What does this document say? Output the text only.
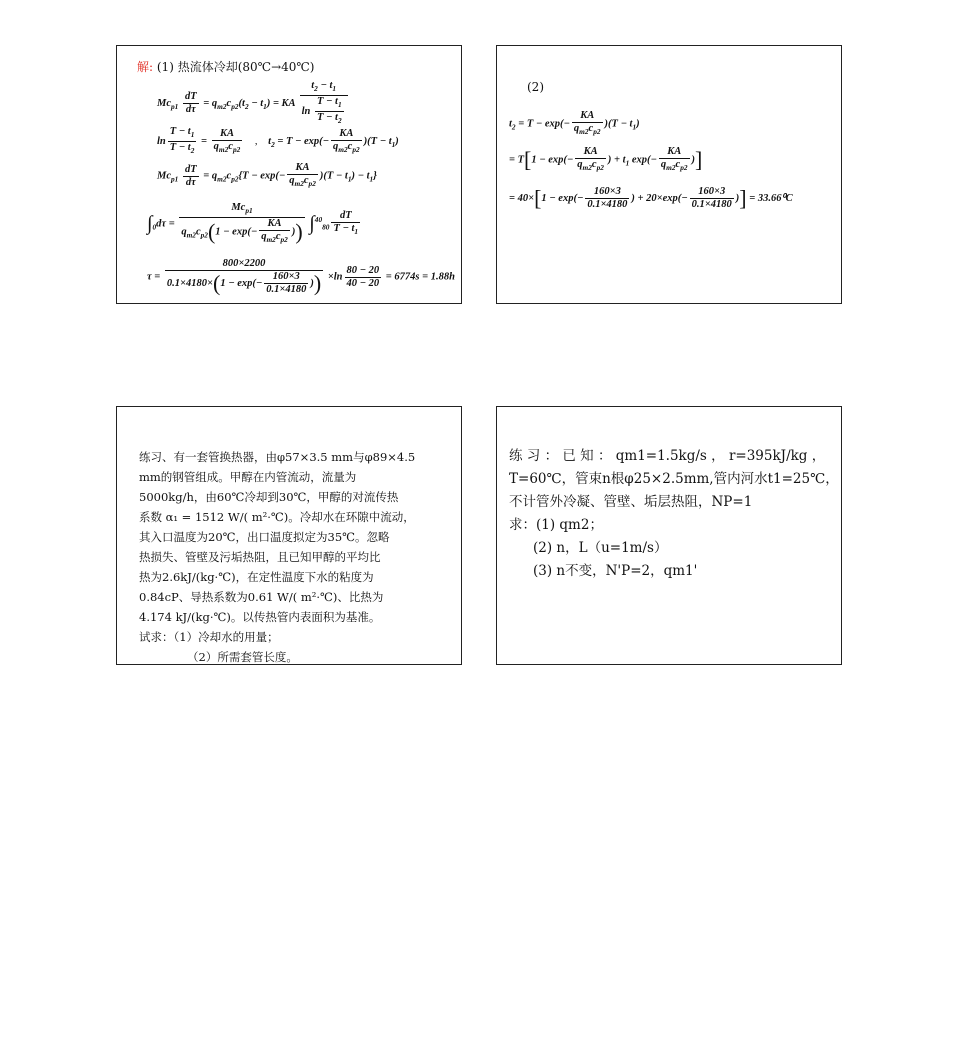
解: (1) 热流体冷却(80℃→40℃)
$Mc_{p1} \frac{dT}{d\tau} = q_{m2}c_{p2}(t_2 - t_1)$ = KA $\frac{t_2 - t_1}{\ln \frac{T - t_1}{T - t_2}}$
$\ln \frac{T - t_1}{T - t_2} = \frac{KA}{q_{m2}c_{p2}}$ , $t_2 = T - \exp(- \frac{KA}{q_{m2}c_{p2}} )(T - t_1)$
$Mc_{p1} \frac{dT}{d\tau} = q_{m2}c_{p2}\{T - \exp(- \frac{KA}{q_{m2}c_{p2}} )(T - t_1) - t_1\}$
$\int_0d\tau = \frac{Mc_{p1}}{q_{m2}c_{p2}(1 - \exp(- \frac{KA}{q_{m2}c_{p2}} ))} \int^{40}_{80} \frac{dT}{T - t_1}$
$\tau = \frac{800\times 2200}{0.1\times 4180\times(1 - \exp(- \frac{160\times 3}{0.1\times 4180} ))} \times\ln \frac{80 - 20}{40 - 20} = 6774s = 1.88h$
(2)
$t_2 = T - \exp(- \frac{KA}{q_{m2}c_{p2}} )(T - t_1)$
= $T[1 - \exp(- \frac{KA}{q_{m2}c_{p2}}$ ) + $t_1$ $\exp(- \frac{KA}{q_{m2}c_{p2}}$ )]
= $40\times[1 - \exp(- \frac{160\times 3}{0.1\times 4180}$ ) + $20\times\exp(- \frac{160\times 3}{0.1\times 4180}$ )] = 33.66⁰C
练习、有一套管换热器，由φ57×3.5 mm与φ89×4.5
mm的钢管组成。甲醇在内管流动，流量为
5000kg/h，由60℃冷却到30℃，甲醇的对流传热
系数 α₁ = 1512 W/( m²·℃)。冷却水在环隙中流动，
其入口温度为20℃，出口温度拟定为35℃。忽略
热损失、管壁及污垢热阻，且已知甲醇的平均比
热为2.6kJ/(kg·℃)，在定性温度下水的粘度为
0.84cP、导热系数为0.61 W/( m²·℃)、比热为
4.174 kJ/(kg·℃)。以传热管内表面积为基准。
试求：（1）冷却水的用量；
（2）所需套管长度。
练 习 ： 已 知 ： qm1=1.5kg/s ， r=395kJ/kg ，
T=60℃，管束n根φ25×2.5mm,管内河水t1=25℃，
不计管外冷凝、管壁、垢层热阻，NP=1
求：(1) qm2；
(2) n，L（u=1m/s）
(3) n不变，N'P=2，qm1'
